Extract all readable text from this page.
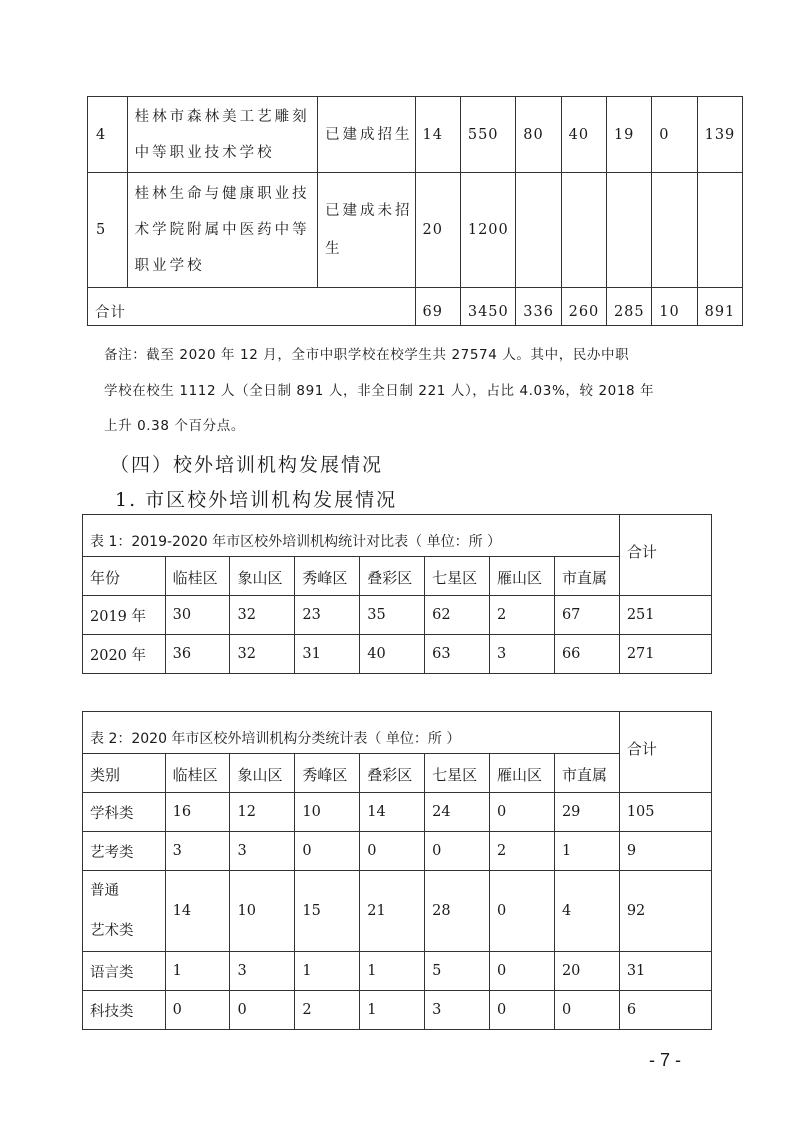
4	桂林市森林美工艺雕刻中等职业技术学校	已建成招生	14	550	80	40	19	0	139
5	桂林生命与健康职业技术学院附属中医药中等职业学校	已建成未招生	20	1200					
合计			69	3450	336	260	285	10	891
备注：截至 2020 年 12 月，全市中职学校在校学生共 27574 人。其中，民办中职
学校在校生 1112 人（全日制 891 人，非全日制 221 人），占比 4.03%，较 2018 年
上升 0.38 个百分点。
（四）校外培训机构发展情况
1. 市区校外培训机构发展情况
表 1：2019-2020 年市区校外培训机构统计对比表（ 单位：所 ）								合计
年份	临桂区	象山区	秀峰区	叠彩区	七星区	雁山区	市直属	
2019 年	30	32	23	35	62	2	67	251
2020 年	36	32	31	40	63	3	66	271
表 2：2020 年市区校外培训机构分类统计表（ 单位：所 ）								合计
类别	临桂区	象山区	秀峰区	叠彩区	七星区	雁山区	市直属	
学科类	16	12	10	14	24	0	29	105
艺考类	3	3	0	0	0	2	1	9

普通
艺术类	14	10	15	21	28	0	4	92
语言类	1	3	1	1	5	0	20	31
科技类	0	0	2	1	3	0	0	6
- 7 -
